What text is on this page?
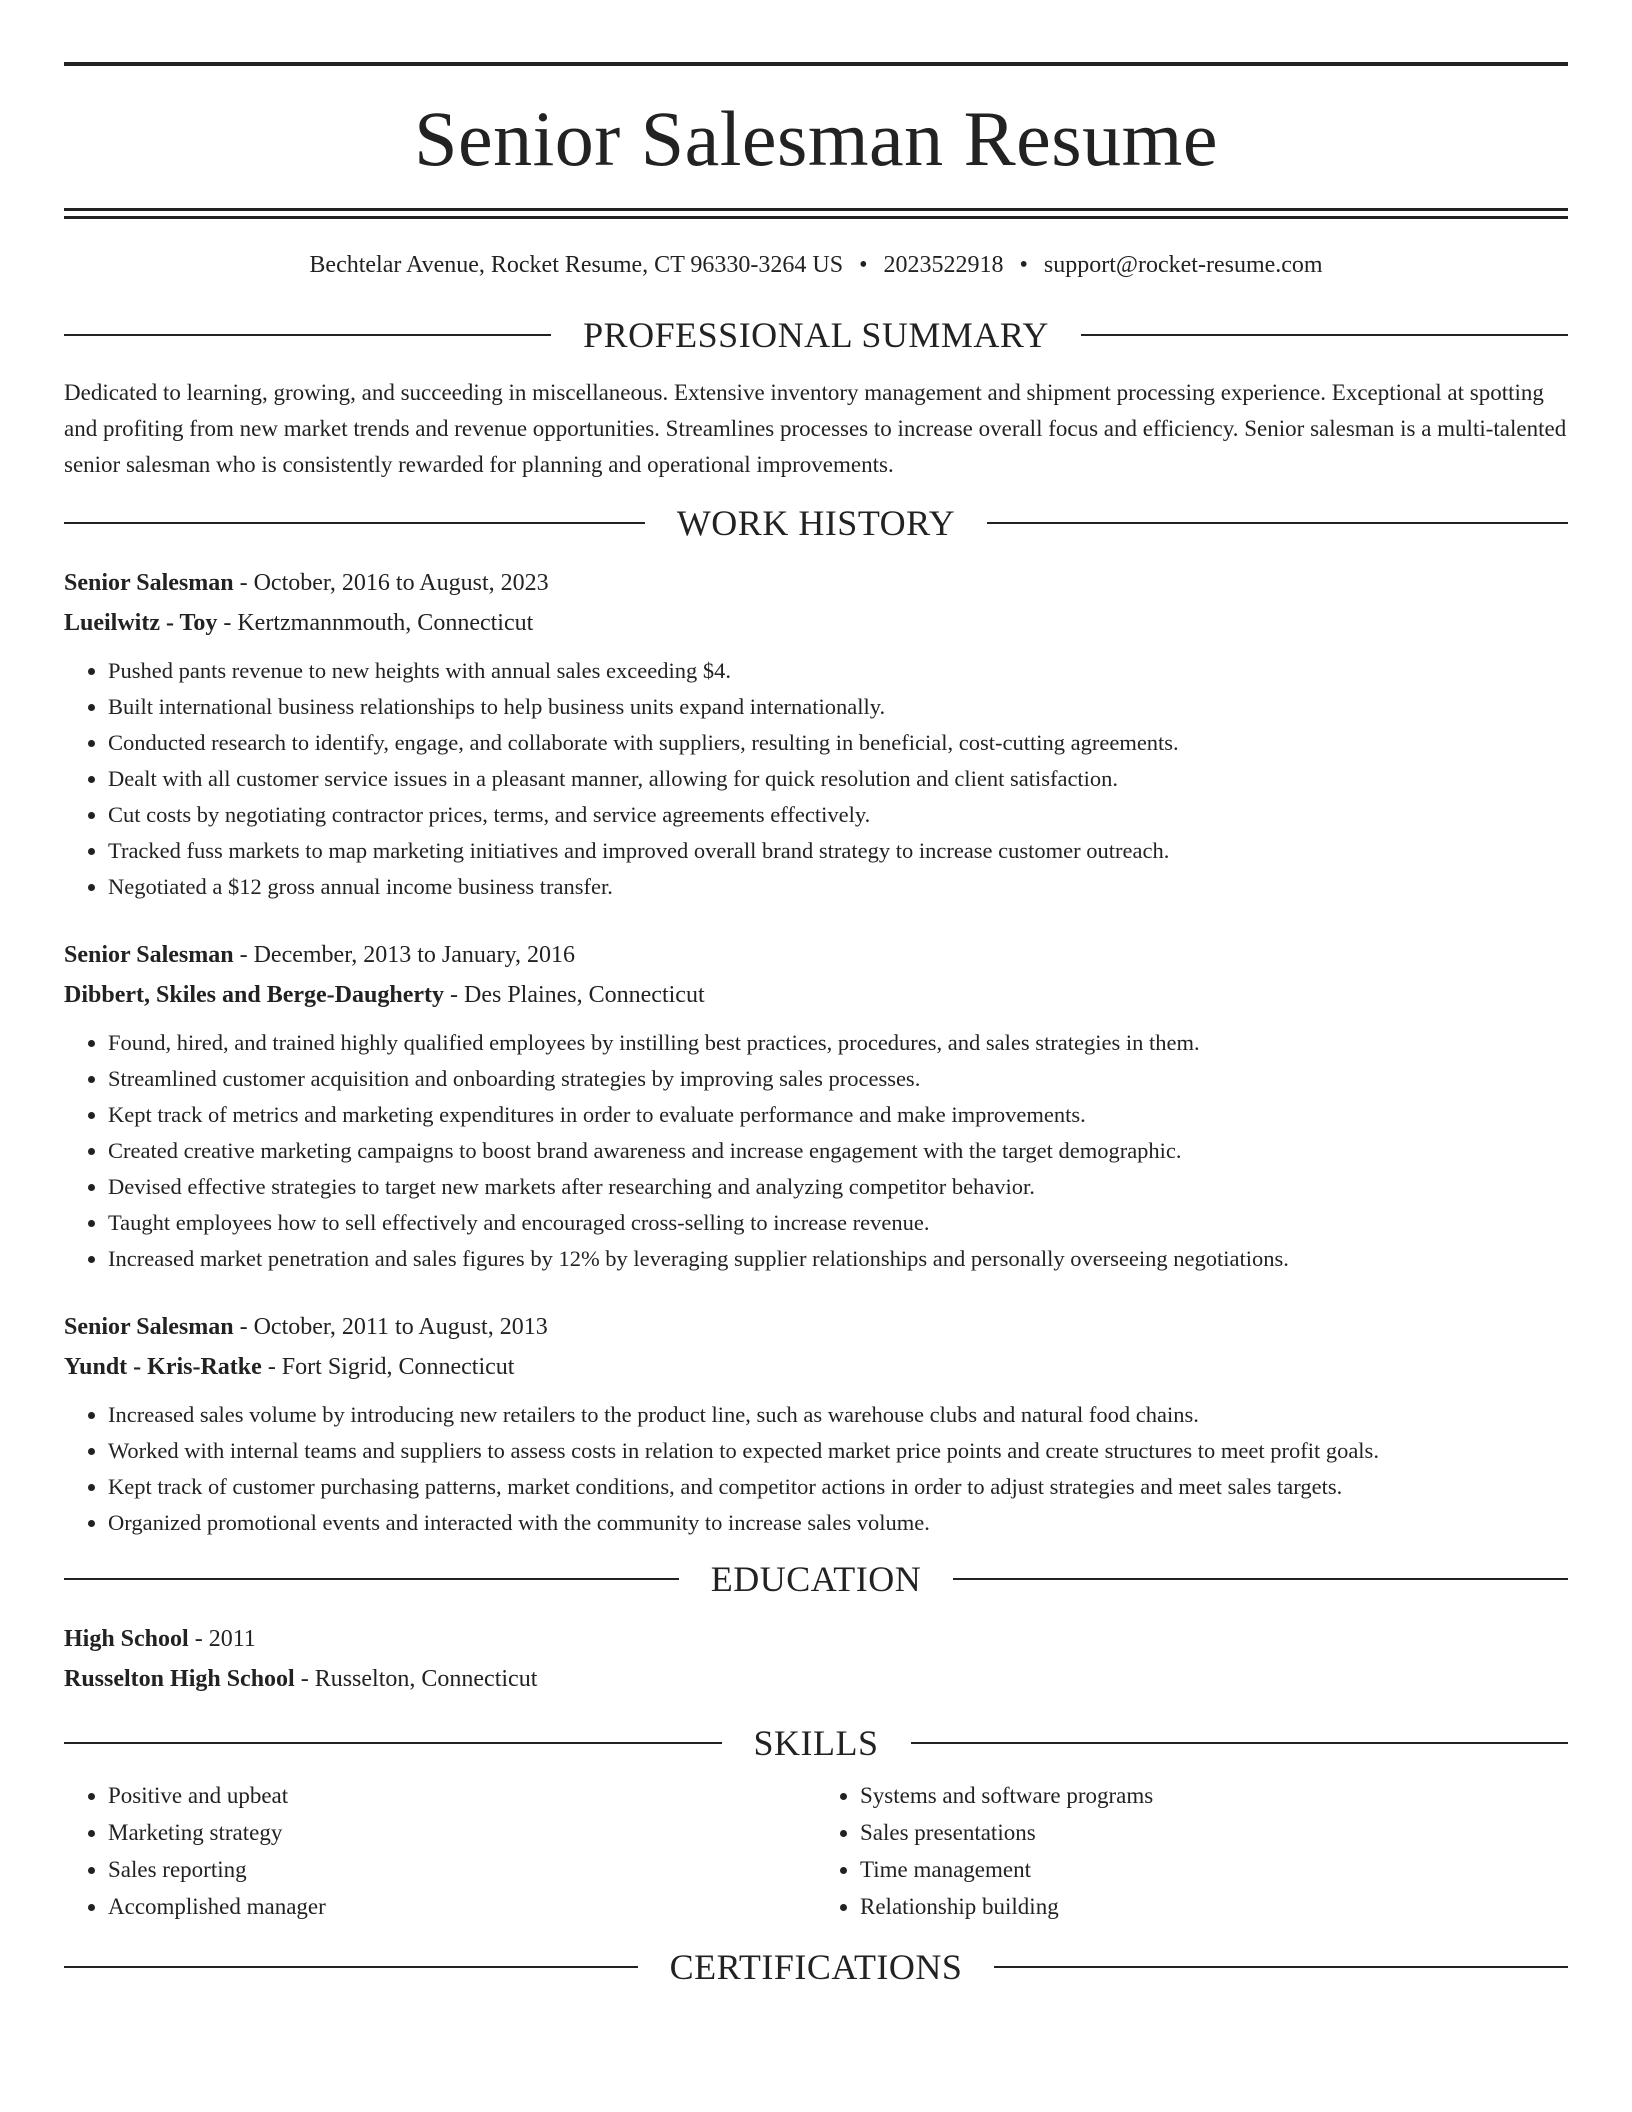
Senior Salesman Resume
Bechtelar Avenue, Rocket Resume, CT 96330-3264 US • 2023522918 • support@rocket-resume.com
PROFESSIONAL SUMMARY

Dedicated to learning, growing, and succeeding in miscellaneous. Extensive inventory management and shipment processing experience. Exceptional at spotting and profiting from new market trends and revenue opportunities. Streamlines processes to increase overall focus and efficiency. Senior salesman is a multi-talented senior salesman who is consistently rewarded for planning and operational improvements.

WORK HISTORY
Senior Salesman - October, 2016 to August, 2023
Lueilwitz - Toy - Kertzmannmouth, Connecticut
• Pushed pants revenue to new heights with annual sales exceeding $4.
• Built international business relationships to help business units expand internationally.
• Conducted research to identify, engage, and collaborate with suppliers, resulting in beneficial, cost-cutting agreements.
• Dealt with all customer service issues in a pleasant manner, allowing for quick resolution and client satisfaction.
• Cut costs by negotiating contractor prices, terms, and service agreements effectively.
• Tracked fuss markets to map marketing initiatives and improved overall brand strategy to increase customer outreach.
• Negotiated a $12 gross annual income business transfer.
Senior Salesman - December, 2013 to January, 2016
Dibbert, Skiles and Berge-Daugherty - Des Plaines, Connecticut
• Found, hired, and trained highly qualified employees by instilling best practices, procedures, and sales strategies in them.
• Streamlined customer acquisition and onboarding strategies by improving sales processes.
• Kept track of metrics and marketing expenditures in order to evaluate performance and make improvements.
• Created creative marketing campaigns to boost brand awareness and increase engagement with the target demographic.
• Devised effective strategies to target new markets after researching and analyzing competitor behavior.
• Taught employees how to sell effectively and encouraged cross-selling to increase revenue.
• Increased market penetration and sales figures by 12% by leveraging supplier relationships and personally overseeing negotiations.
Senior Salesman - October, 2011 to August, 2013
Yundt - Kris-Ratke - Fort Sigrid, Connecticut
• Increased sales volume by introducing new retailers to the product line, such as warehouse clubs and natural food chains.
• Worked with internal teams and suppliers to assess costs in relation to expected market price points and create structures to meet profit goals.
• Kept track of customer purchasing patterns, market conditions, and competitor actions in order to adjust strategies and meet sales targets.
• Organized promotional events and interacted with the community to increase sales volume.
EDUCATION
High School - 2011
Russelton High School - Russelton, Connecticut
SKILLS
• Positive and upbeat
• Marketing strategy
• Sales reporting
• Accomplished manager
• Systems and software programs
• Sales presentations
• Time management
• Relationship building
CERTIFICATIONS
